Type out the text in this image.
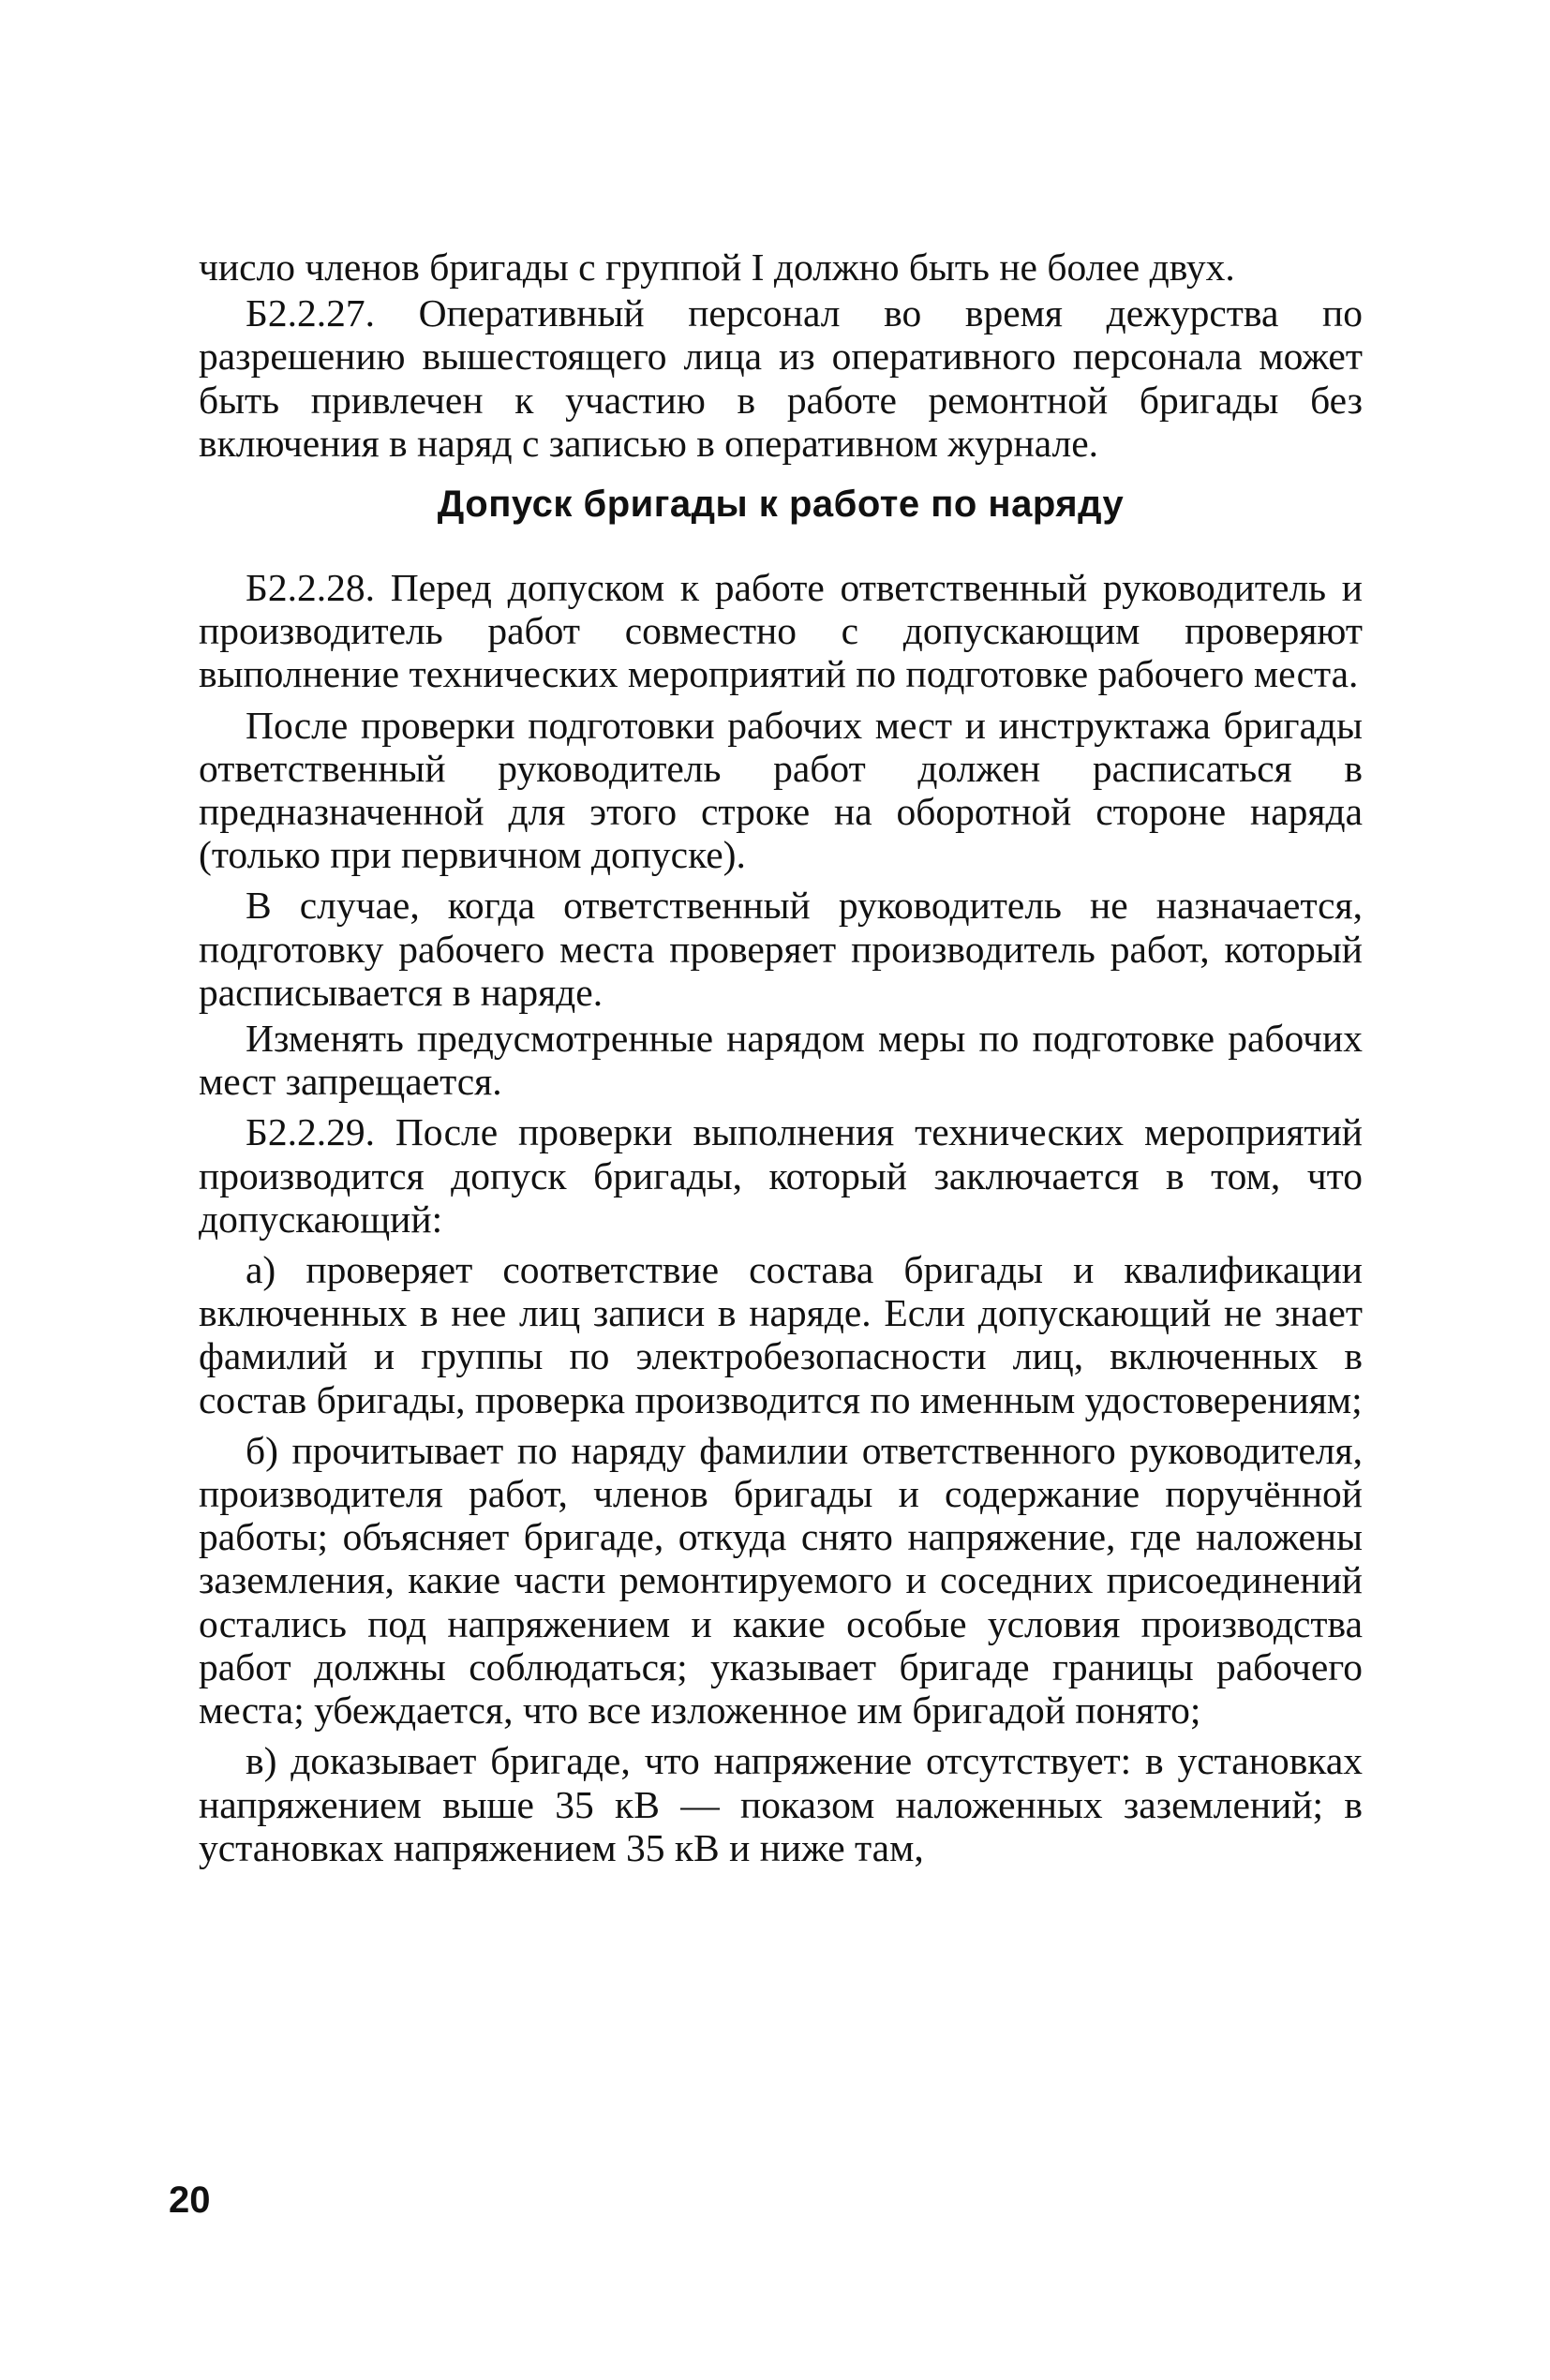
число членов бригады с группой I должно быть не более двух.

Б2.2.27. Оперативный персонал во время дежурства по разрешению вышестоящего лица из оперативного персонала может быть привлечен к участию в работе ремонтной бригады без включения в наряд с записью в оперативном журнале.

Допуск бригады к работе по наряду

Б2.2.28. Перед допуском к работе ответственный руководитель и производитель работ совместно с допускающим проверяют выполнение технических мероприятий по подготовке рабочего места.

После проверки подготовки рабочих мест и инструктажа бригады ответственный руководитель работ должен расписаться в предназначенной для этого строке на оборотной стороне наряда (только при первичном допуске).

В случае, когда ответственный руководитель не назначается, подготовку рабочего места проверяет производитель работ, который расписывается в наряде.

Изменять предусмотренные нарядом меры по подготовке рабочих мест запрещается.

Б2.2.29. После проверки выполнения технических мероприятий производится допуск бригады, который заключается в том, что допускающий:

а) проверяет соответствие состава бригады и квалификации включенных в нее лиц записи в наряде. Если допускающий не знает фамилий и группы по электробезопасности лиц, включенных в состав бригады, проверка производится по именным удостоверениям;

б) прочитывает по наряду фамилии ответственного руководителя, производителя работ, членов бригады и содержание поручённой работы; объясняет бригаде, откуда снято напряжение, где наложены заземления, какие части ремонтируемого и соседних присоединений остались под напряжением и какие особые условия производства работ должны соблюдаться; указывает бригаде границы рабочего места; убеждается, что все изложенное им бригадой понято;

в) доказывает бригаде, что напряжение отсутствует: в установках напряжением выше 35 кВ — показом наложенных заземлений; в установках напряжением 35 кВ и ниже там,

20
